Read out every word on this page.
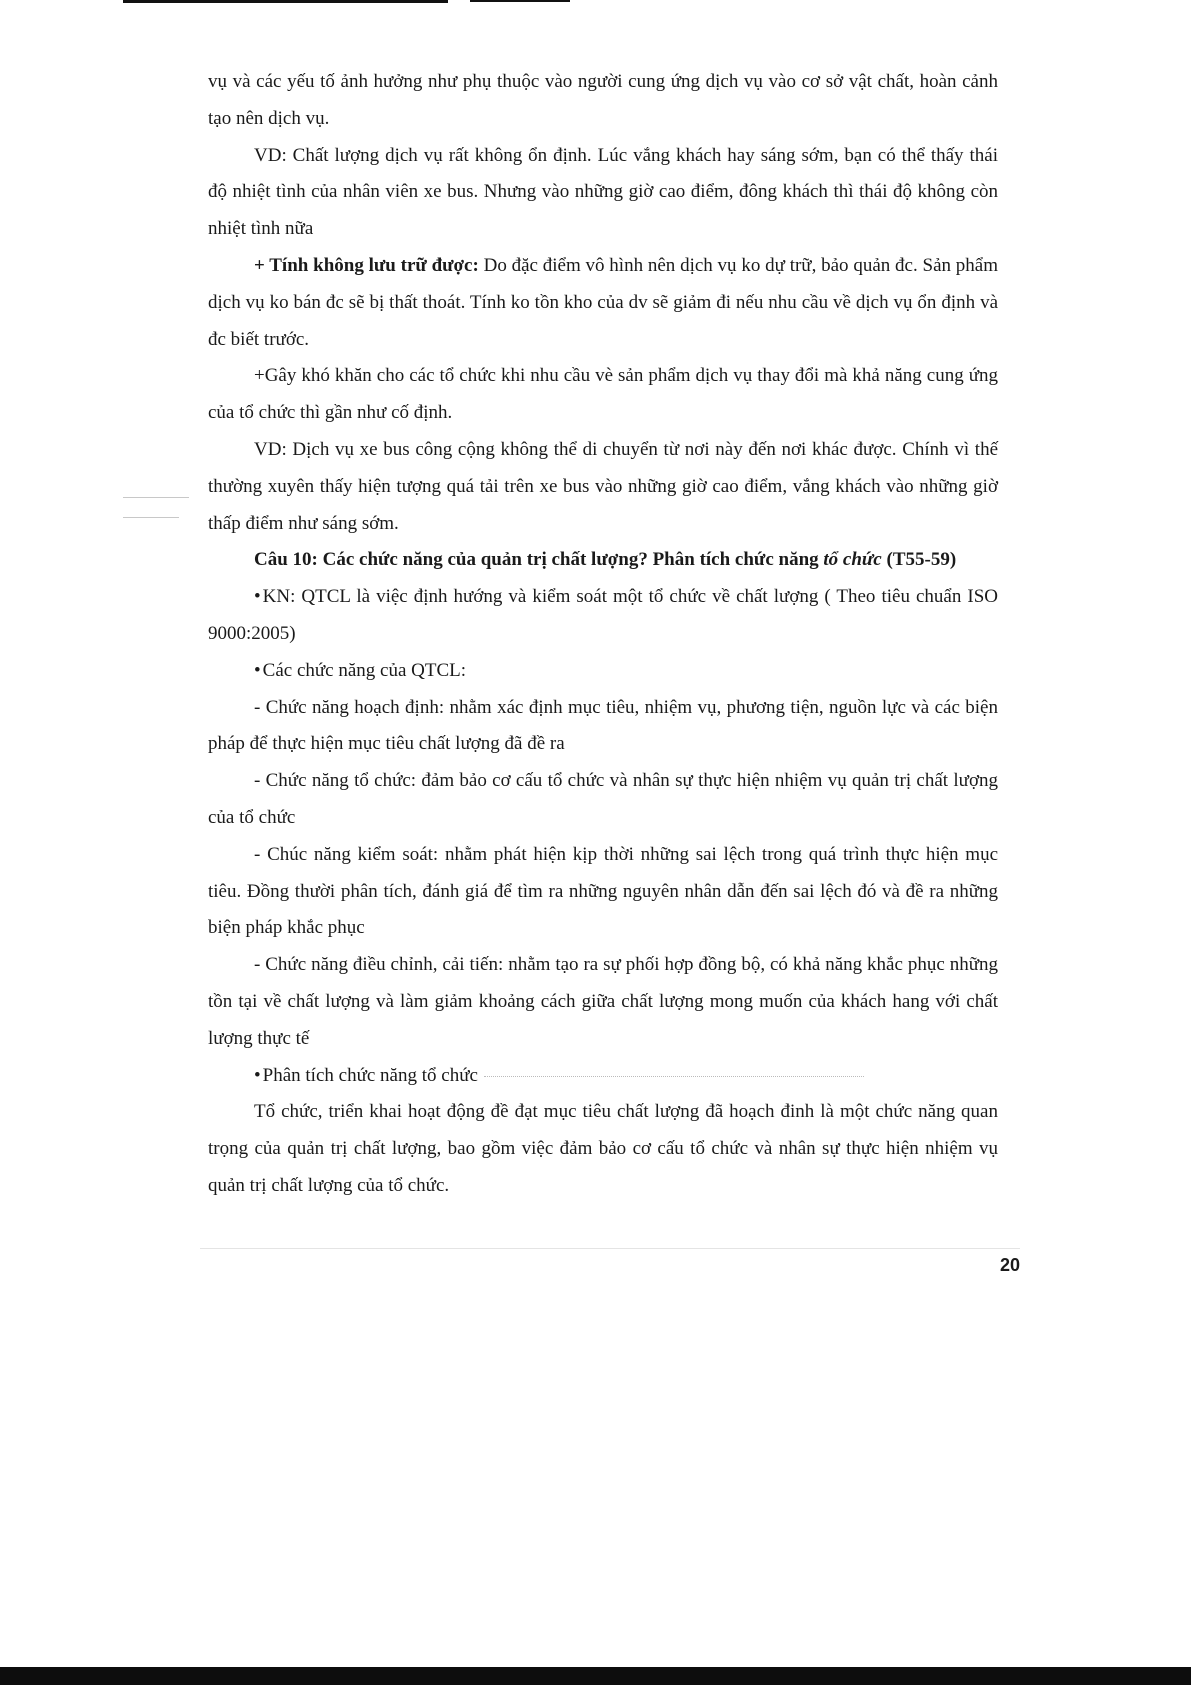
vụ và các yếu tố ảnh hưởng như phụ thuộc vào người cung ứng dịch vụ vào cơ sở vật chất, hoàn cảnh tạo nên dịch vụ.

VD: Chất lượng dịch vụ rất không ổn định. Lúc vắng khách hay sáng sớm, bạn có thể thấy thái độ nhiệt tình của nhân viên xe bus. Nhưng vào những giờ cao điểm, đông khách thì thái độ không còn nhiệt tình nữa

+ Tính không lưu trữ được: Do đặc điểm vô hình nên dịch vụ ko dự trữ, bảo quản đc. Sản phẩm dịch vụ ko bán đc sẽ bị thất thoát. Tính ko tồn kho của dv sẽ giảm đi nếu nhu cầu về dịch vụ ổn định và đc biết trước.

+Gây khó khăn cho các tổ chức khi nhu cầu vè sản phẩm dịch vụ thay đổi mà khả năng cung ứng của tổ chức thì gần như cố định.

VD: Dịch vụ xe bus công cộng không thể di chuyển từ nơi này đến nơi khác được. Chính vì thế thường xuyên thấy hiện tượng quá tải trên xe bus vào những giờ cao điểm, vắng khách vào những giờ thấp điểm như sáng sớm.

Câu 10: Các chức năng của quản trị chất lượng? Phân tích chức năng tổ chức (T55-59)

• KN: QTCL là việc định hướng và kiểm soát một tổ chức về chất lượng ( Theo tiêu chuẩn ISO 9000:2005)

• Các chức năng của QTCL:

- Chức năng hoạch định: nhằm xác định mục tiêu, nhiệm vụ, phương tiện, nguồn lực và các biện pháp để thực hiện mục tiêu chất lượng đã đề ra

- Chức năng tổ chức: đảm bảo cơ cấu tổ chức và nhân sự thực hiện nhiệm vụ quản trị chất lượng của tổ chức

- Chúc năng kiểm soát: nhằm phát hiện kịp thời những sai lệch trong quá trình thực hiện mục tiêu. Đồng thười phân tích, đánh giá để tìm ra những nguyên nhân dẫn đến sai lệch đó và đề ra những biện pháp khắc phục

- Chức năng điều chỉnh, cải tiến: nhằm tạo ra sự phối hợp đồng bộ, có khả năng khắc phục những tồn tại về chất lượng và làm giảm khoảng cách giữa chất lượng mong muốn của khách hang với chất lượng thực tế

• Phân tích chức năng tổ chức

Tổ chức, triển khai hoạt động đề đạt mục tiêu chất lượng đã hoạch đinh là một chức năng quan trọng của quản trị chất lượng, bao gồm việc đảm bảo cơ cấu tổ chức và nhân sự thực hiện nhiệm vụ quản trị chất lượng của tổ chức.

20
